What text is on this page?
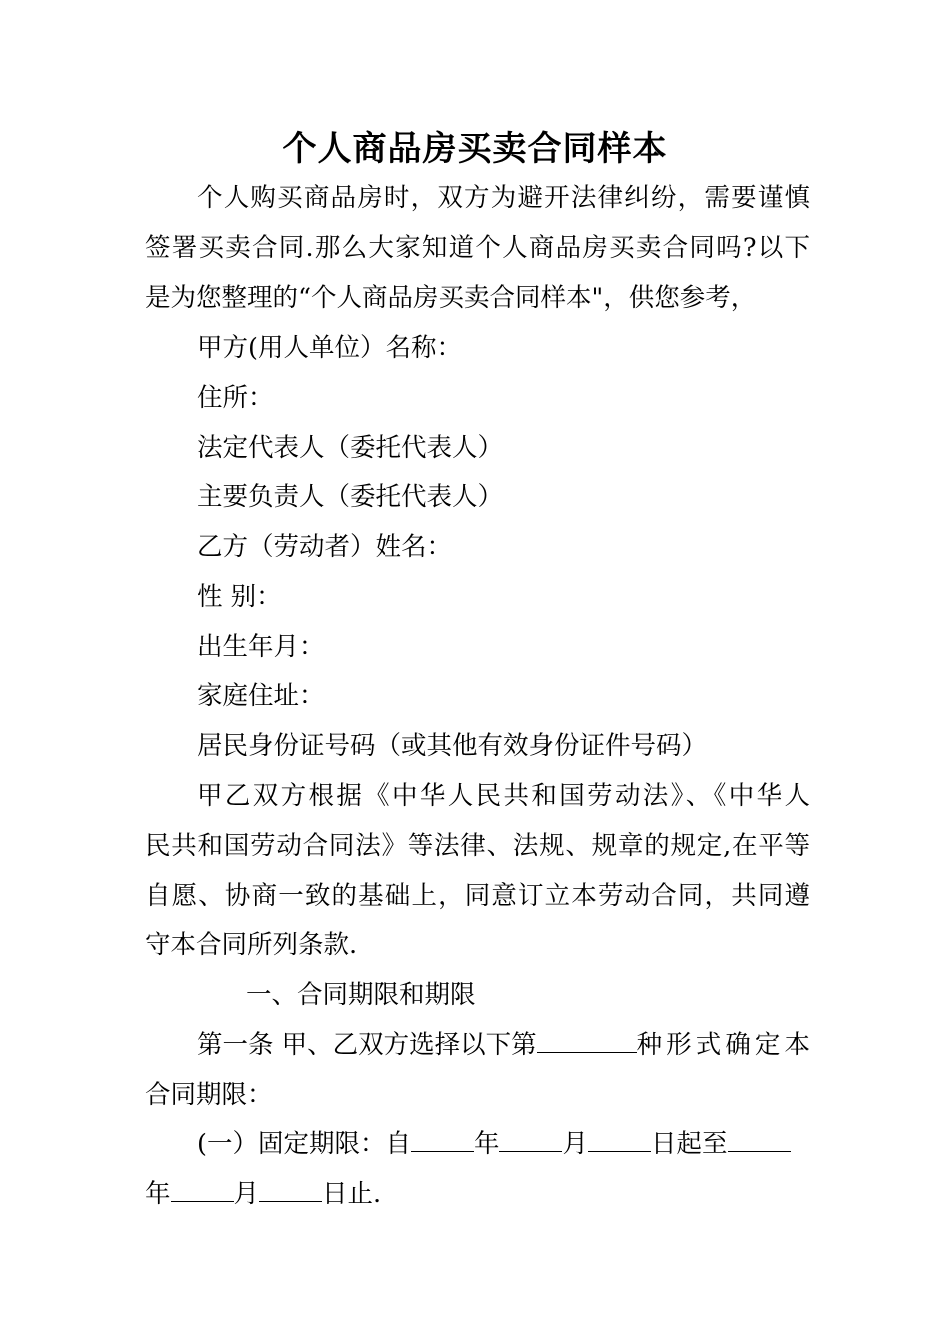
个人商品房买卖合同样本
个人购买商品房时，双方为避开法律纠纷，需要谨慎
签署买卖合同.那么大家知道个人商品房买卖合同吗?以下
是为您整理的“个人商品房买卖合同样本"，供您参考，
甲方(用人单位）名称：
住所：
法定代表人（委托代表人）
主要负责人（委托代表人）
乙方（劳动者）姓名：
性 别：
出生年月：
家庭住址：
居民身份证号码（或其他有效身份证件号码）
甲乙双方根据《中华人民共和国劳动法》、《中华人
民共和国劳动合同法》等法律、法规、规章的规定,在平等
自愿、协商一致的基础上，同意订立本劳动合同，共同遵
守本合同所列条款.
一、合同期限和期限
第一条 甲、乙双方选择以下第	种形式确定本
合同期限：
(一）固定期限：自 年 月 日起至
年 月 日止.
